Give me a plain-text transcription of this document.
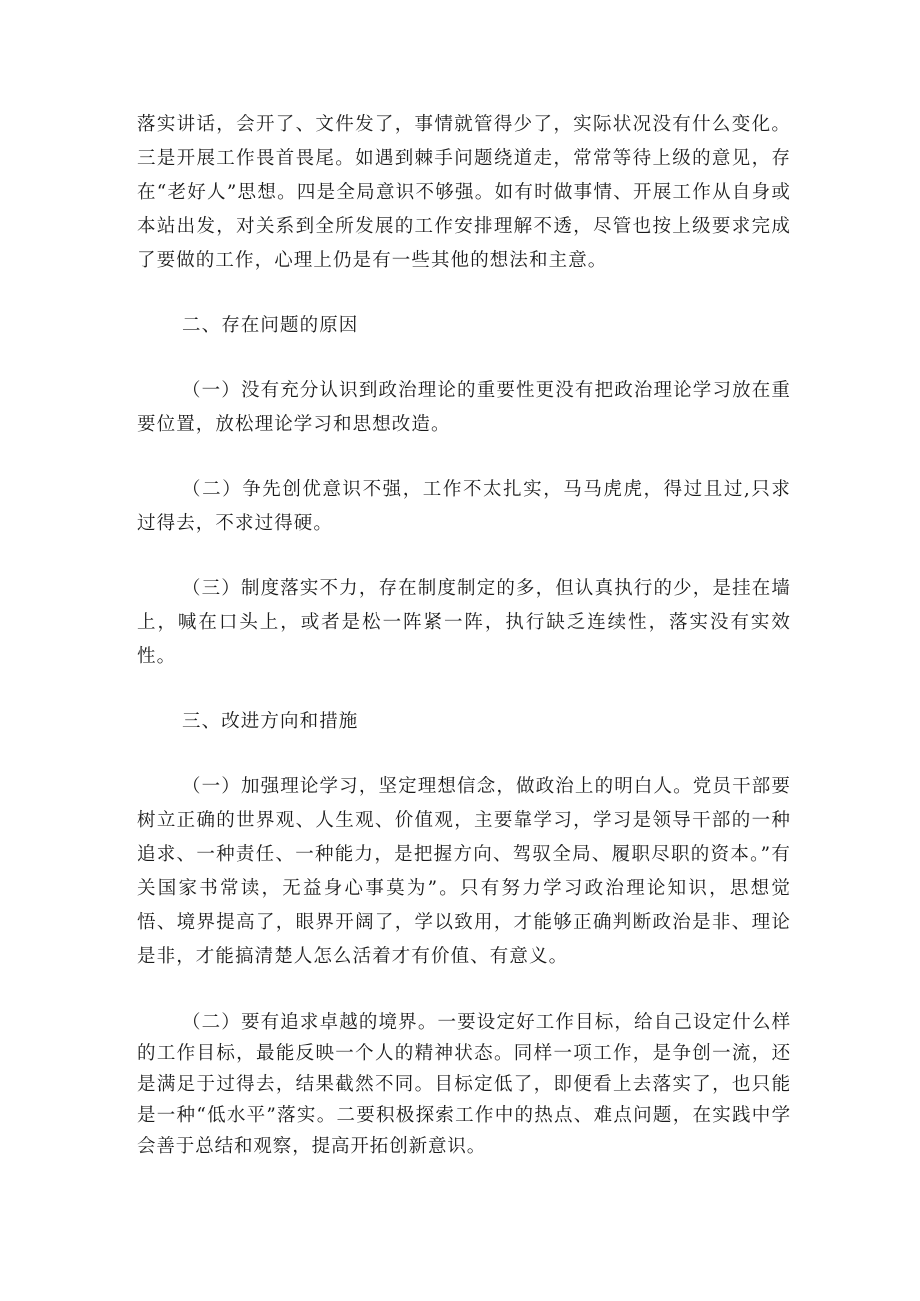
落实讲话，会开了、文件发了，事情就管得少了，实际状况没有什么变化。三是开展工作畏首畏尾。如遇到棘手问题绕道走，常常等待上级的意见，存在“老好人”思想。四是全局意识不够强。如有时做事情、开展工作从自身或本站出发，对关系到全所发展的工作安排理解不透，尽管也按上级要求完成了要做的工作，心理上仍是有一些其他的想法和主意。

二、存在问题的原因

（一）没有充分认识到政治理论的重要性更没有把政治理论学习放在重要位置，放松理论学习和思想改造。

（二）争先创优意识不强，工作不太扎实，马马虎虎，得过且过,只求过得去，不求过得硬。

（三）制度落实不力，存在制度制定的多，但认真执行的少，是挂在墙上，喊在口头上，或者是松一阵紧一阵，执行缺乏连续性，落实没有实效性。

三、改进方向和措施

（一）加强理论学习，坚定理想信念，做政治上的明白人。党员干部要树立正确的世界观、人生观、价值观，主要靠学习，学习是领导干部的一种追求、一种责任、一种能力，是把握方向、驾驭全局、履职尽职的资本。”有关国家书常读，无益身心事莫为”。只有努力学习政治理论知识，思想觉悟、境界提高了，眼界开阔了，学以致用，才能够正确判断政治是非、理论是非，才能搞清楚人怎么活着才有价值、有意义。

（二）要有追求卓越的境界。一要设定好工作目标，给自己设定什么样的工作目标，最能反映一个人的精神状态。同样一项工作，是争创一流，还是满足于过得去，结果截然不同。目标定低了，即便看上去落实了，也只能是一种“低水平”落实。二要积极探索工作中的热点、难点问题，在实践中学会善于总结和观察，提高开拓创新意识。
